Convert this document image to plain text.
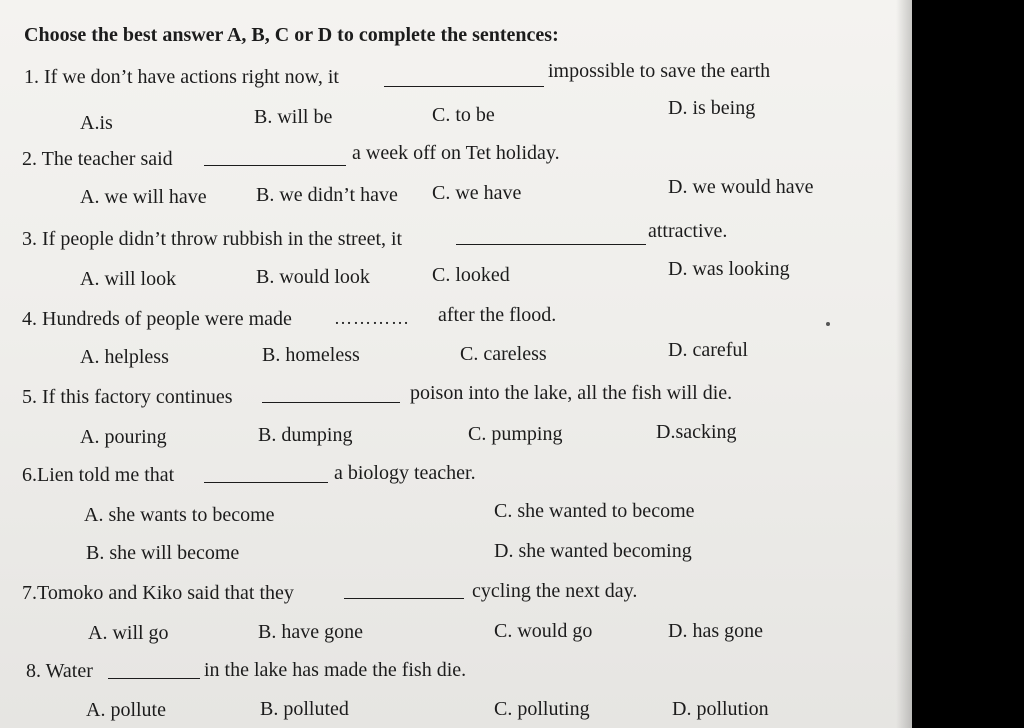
Choose the best answer A, B, C or D to complete the sentences:
1. If we don’t have actions right now, it	impossible to save the earth
A.is	B. will be	C. to be	D. is being
2. The teacher said	a week off on Tet holiday.
A. we will have B. we didn’t have C. we have	D. we would have
3. If people didn’t throw rubbish in the street, it	attractive.
A. will look	B. would look	C. looked	D. was looking
4. Hundreds of people were made ………… after the flood.
A. helpless	B. homeless	C. careless	D. careful
5. If this factory continues	poison into the lake, all the fish will die.
A. pouring	B. dumping	C. pumping	D.sacking
6.Lien told me that	a biology teacher.
A. she wants to become	C. she wanted to become
B. she will become	D. she wanted becoming
7.Tomoko and Kiko said that they	cycling the next day.
A. will go	B. have gone	C. would go	D. has gone
8. Water	in the lake has made the fish die.
A. pollute	B. polluted	C. polluting	D. pollution
